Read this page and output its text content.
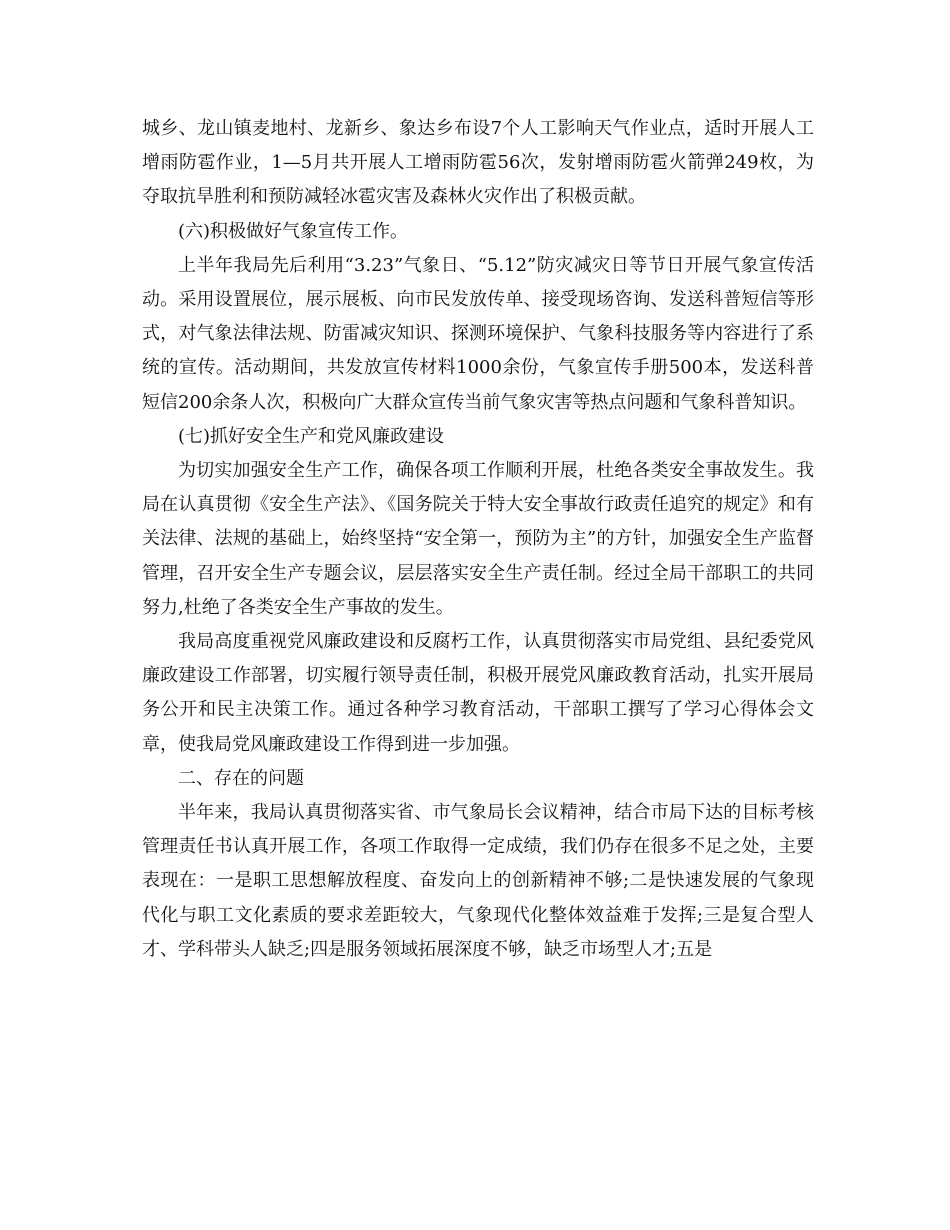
城乡、龙山镇麦地村、龙新乡、象达乡布设7个人工影响天气作业点，适时开展人工增雨防雹作业，1—5月共开展人工增雨防雹56次，发射增雨防雹火箭弹249枚，为夺取抗旱胜利和预防减轻冰雹灾害及森林火灾作出了积极贡献。

(六)积极做好气象宣传工作。

上半年我局先后利用“3.23”气象日、“5.12”防灾减灾日等节日开展气象宣传活动。采用设置展位，展示展板、向市民发放传单、接受现场咨询、发送科普短信等形式，对气象法律法规、防雷减灾知识、探测环境保护、气象科技服务等内容进行了系统的宣传。活动期间，共发放宣传材料1000余份，气象宣传手册500本，发送科普短信200余条人次，积极向广大群众宣传当前气象灾害等热点问题和气象科普知识。

(七)抓好安全生产和党风廉政建设

为切实加强安全生产工作，确保各项工作顺利开展，杜绝各类安全事故发生。我局在认真贯彻《安全生产法》、《国务院关于特大安全事故行政责任追究的规定》和有关法律、法规的基础上，始终坚持“安全第一，预防为主”的方针，加强安全生产监督管理，召开安全生产专题会议，层层落实安全生产责任制。经过全局干部职工的共同努力,杜绝了各类安全生产事故的发生。

我局高度重视党风廉政建设和反腐朽工作，认真贯彻落实市局党组、县纪委党风廉政建设工作部署，切实履行领导责任制，积极开展党风廉政教育活动，扎实开展局务公开和民主决策工作。通过各种学习教育活动，干部职工撰写了学习心得体会文章，使我局党风廉政建设工作得到进一步加强。

二、存在的问题

半年来，我局认真贯彻落实省、市气象局长会议精神，结合市局下达的目标考核管理责任书认真开展工作，各项工作取得一定成绩，我们仍存在很多不足之处，主要表现在：一是职工思想解放程度、奋发向上的创新精神不够;二是快速发展的气象现代化与职工文化素质的要求差距较大，气象现代化整体效益难于发挥;三是复合型人才、学科带头人缺乏;四是服务领域拓展深度不够，缺乏市场型人才;五是
